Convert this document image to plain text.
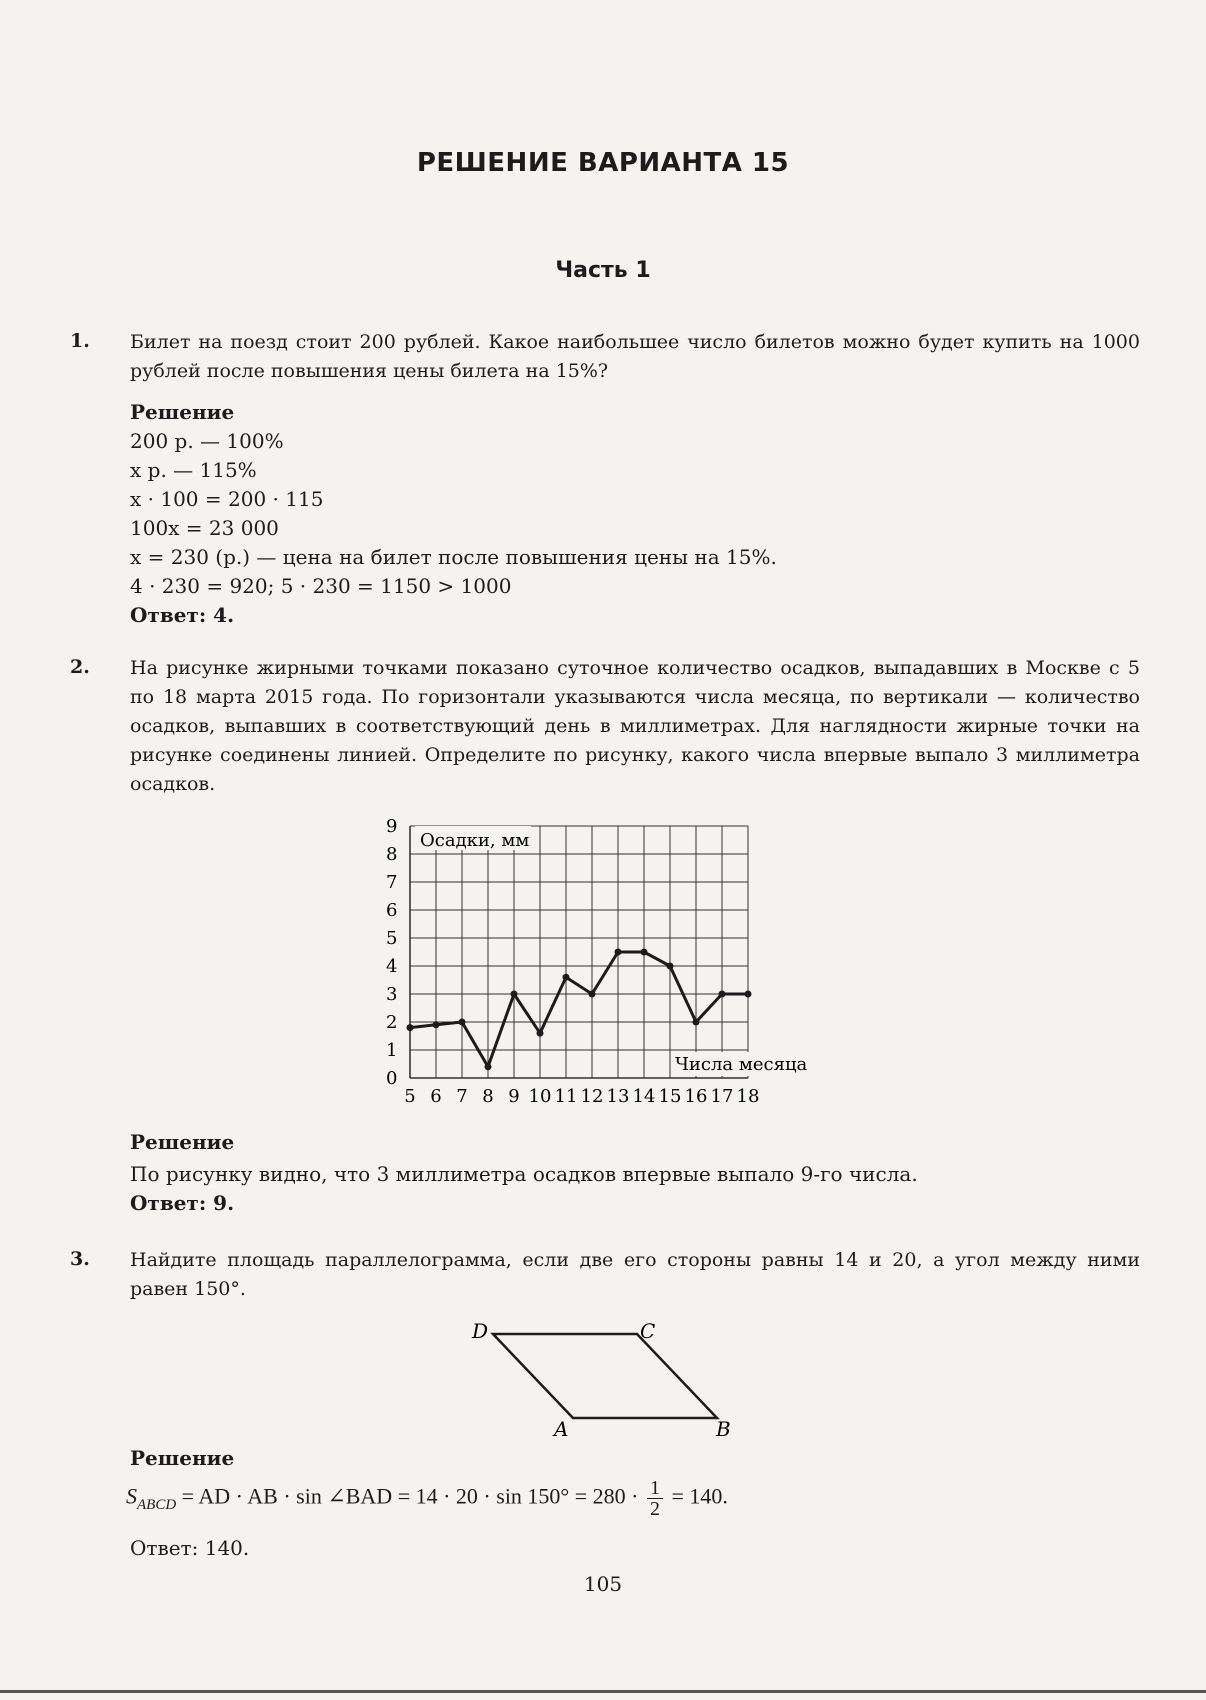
РЕШЕНИЕ ВАРИАНТА 15
Часть 1
1. Билет на поезд стоит 200 рублей. Какое наибольшее число билетов можно будет купить на 1000 рублей после повышения цены билета на 15%?
Решение
200 р. — 100%
x р. — 115%
x · 100 = 200 · 115
100x = 23 000
x = 230 (р.) — цена на билет после повышения цены на 15%.
4 · 230 = 920; 5 · 230 = 1150 > 1000
Ответ: 4.
2. На рисунке жирными точками показано суточное количество осадков, выпадавших в Москве с 5 по 18 марта 2015 года. По горизонтали указываются числа месяца, по вертикали — количество осадков, выпавших в соответствующий день в миллиметрах. Для наглядности жирные точки на рисунке соединены линией. Определите по рисунку, какого числа впервые выпало 3 миллиметра осадков.
0
1
2
3
4
5
6
7
8
9
5 6 7 8 9 10 11 12 13 14 15 16 17 18
Осадки, мм
Числа месяца
Решение
По рисунку видно, что 3 миллиметра осадков впервые выпало 9-го числа.
Ответ: 9.
3. Найдите площадь параллелограмма, если две его стороны равны 14 и 20, а угол между ними равен 150°.
D	C
A	B
Решение
$S_{ABCD}$ = AD · AB · sin ∠BAD = $14 \cdot 20 \cdot \sin 150^\circ = 280 \cdot \frac{1}{2} = 140$.
Ответ: 140.
105
